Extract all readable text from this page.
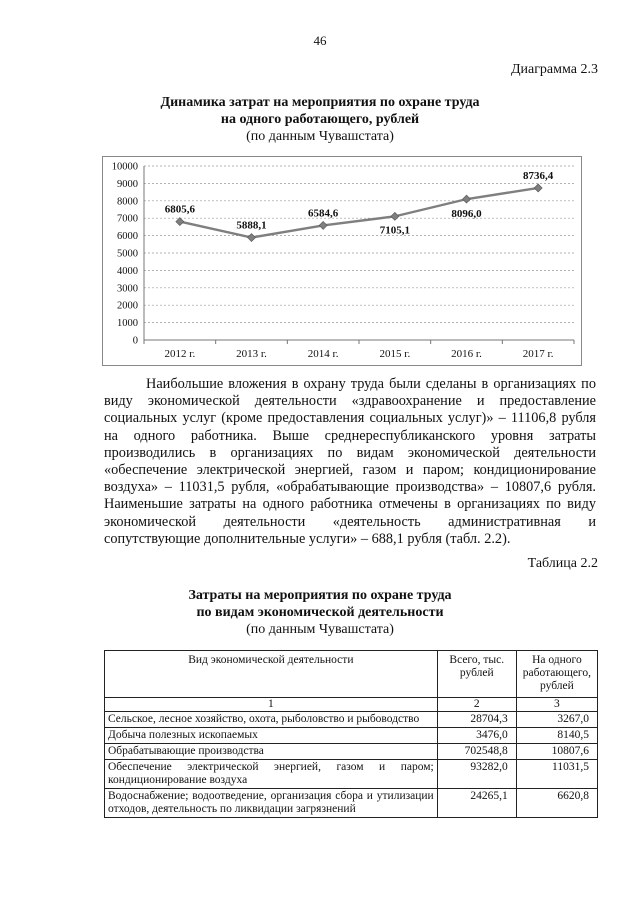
46
Диаграмма 2.3
Динамика затрат на мероприятия по охране труда
на одного работающего, рублей
(по данным Чувашстата)
0
1000
2000
3000
4000
5000
6000
7000
8000
9000
10000
2012 г.	2013 г.	2014 г.	2015 г.	2016 г.	2017 г.
6805,6
5888,1
6584,6
7105,1
8096,0
8736,4
Наибольшие вложения в охрану труда были сделаны в организациях по виду экономической деятельности «здравоохранение и предоставление социальных услуг (кроме предоставления социальных услуг)» – 11106,8 рубля на одного работника. Выше среднереспубликанского уровня затраты производились в организациях по видам экономической деятельности «обеспечение электрической энергией, газом и паром; кондиционирование воздуха» – 11031,5 рубля, «обрабатывающие производства» – 10807,6 рубля. Наименьшие затраты на одного работника отмечены в организациях по виду экономической деятельности «деятельность административная и сопутствующие дополнительные услуги» – 688,1 рубля (табл. 2.2).
Таблица 2.2
Затраты на мероприятия по охране труда
по видам экономической деятельности
(по данным Чувашстата)
Вид экономической деятельности	Всего, тыс. рублей	На одного работающего, рублей
1	2	3
Сельское, лесное хозяйство, охота, рыболовство и рыбоводство	28704,3	3267,0
Добыча полезных ископаемых	3476,0	8140,5
Обрабатывающие производства	702548,8	10807,6
Обеспечение электрической энергией, газом и паром; кондиционирование воздуха	93282,0	11031,5
Водоснабжение; водоотведение, организация сбора и утилизации отходов, деятельность по ликвидации загрязнений	24265,1	6620,8
